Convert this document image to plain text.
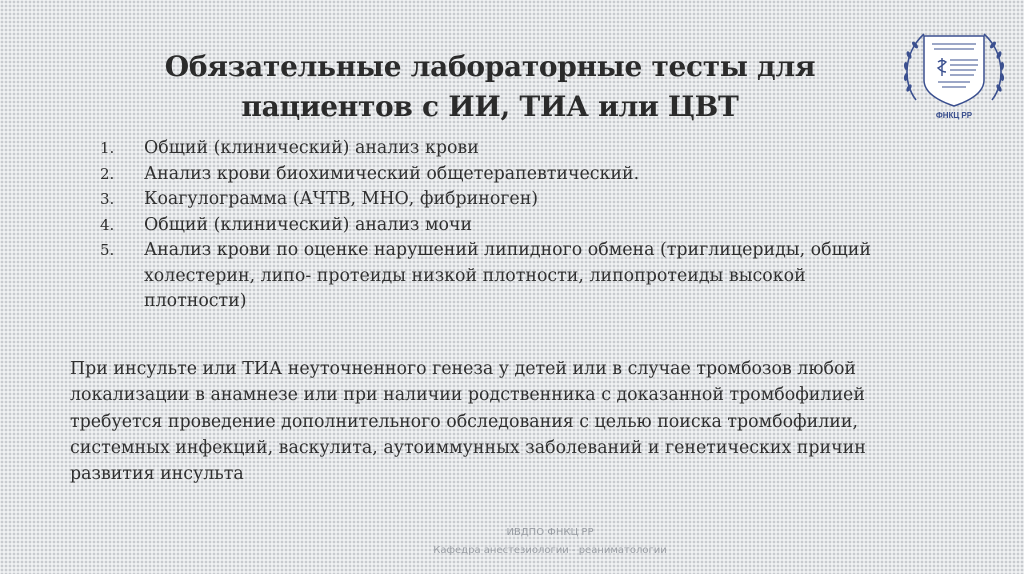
Обязательные лабораторные тесты для
пациентов с ИИ, ТИА или ЦВТ	ФНКЦ РР
1. Общий (клинический) анализ крови
2. Анализ крови биохимический общетерапевтический.
3. Коагулограмма (АЧТВ, МНО, фибриноген)
4. Общий (клинический) анализ мочи
5. Анализ крови по оценке нарушений липидного обмена (триглицериды, общий
холестерин, липо- протеиды низкой плотности, липопротеиды высокой
плотности)

При инсульте или ТИА неуточненного генеза у детей или в случае тромбозов любой
локализации в анамнезе или при наличии родственника с доказанной тромбофилией
требуется проведение дополнительного обследования с целью поиска тромбофилии,
системных инфекций, васкулита, аутоиммунных заболеваний и генетических причин
развития инсульта

ИВДПО ФНКЦ РР
Кафедра анестезиологии - реаниматологии
